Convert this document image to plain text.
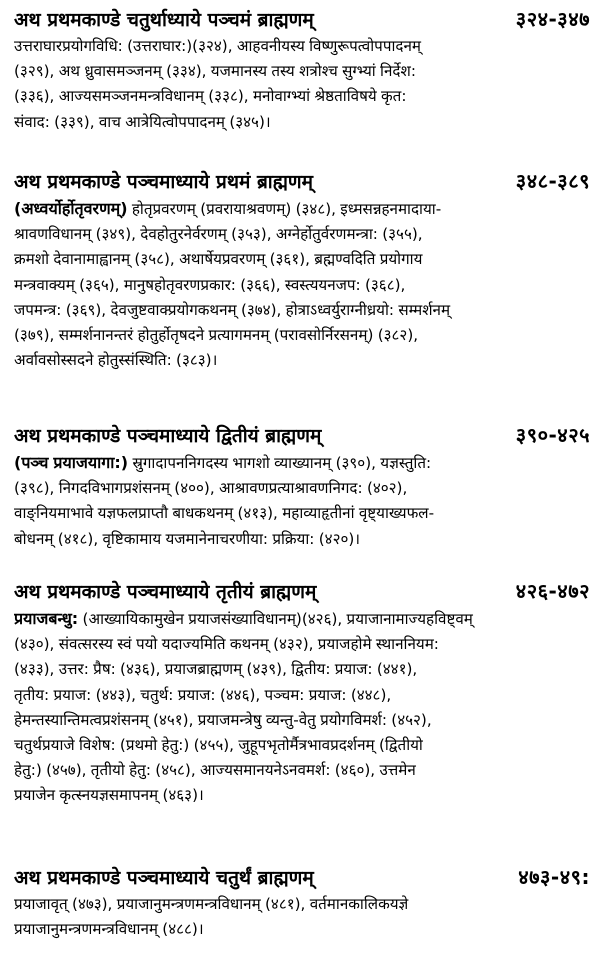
अथ प्रथमकाण्डे चतुर्थाध्याये पञ्चमं ब्राह्मणम्	३२४-३४७
उत्तराघारप्रयोगविधि: (उत्तराघार:)(३२४), आहवनीयस्य विष्णुरूपत्वोपपादनम्
(३२९), अथ ध्रुवासमञ्जनम् (३३४), यजमानस्य तस्य शत्रोश्च सुग्भ्यां निर्देश:
(३३६), आज्यसमञ्जनमन्त्रविधानम् (३३८), मनोवाग्भ्यां श्रेष्ठताविषये कृत:
संवाद: (३३९), वाच आत्रेयित्वोपपादनम् (३४५)।
अथ प्रथमकाण्डे पञ्चमाध्याये प्रथमं ब्राह्मणम्	३४८-३८९
(अध्वर्योर्होतृवरणम्) होतृप्रवरणम् (प्रवरायाश्रवणम्) (३४८), इध्मसन्नहनमादाया-
श्रावणविधानम् (३४९), देवहोतुरनेर्वरणम् (३५३), अग्नेर्होतुर्वरणमन्त्रा: (३५५),
क्रमशो देवानामाह्वानम् (३५८), अथार्षेयप्रवरणम् (३६१), ब्रह्मण्वदिति प्रयोगाय
मन्त्रवाक्यम् (३६५), मानुषहोतृवरणप्रकार: (३६६), स्वस्त्ययनजप: (३६८),
जपमन्त्र: (३६९), देवजुष्टवाक्प्रयोगकथनम् (३७४), होत्राऽध्वर्युराग्नीध्रयो: सम्मर्शनम्
(३७९), सम्मर्शनानन्तरं होतुर्होतृषदने प्रत्यागमनम् (परावसोर्निरसनम्) (३८२),
अर्वावसोस्सदने होतुस्संस्थिति: (३८३)।
अथ प्रथमकाण्डे पञ्चमाध्याये द्वितीयं ब्राह्मणम्	३९०-४२५
(पञ्च प्रयाजयागा:) स्रुगादापननिगदस्य भागशो व्याख्यानम् (३९०), यज्ञस्तुति:
(३९८), निगदविभागप्रशंसनम् (४००), आश्रावणप्रत्याश्रावणनिगद: (४०२),
वाङ्नियमाभावे यज्ञफलप्राप्तौ बाधकथनम् (४१३), महाव्याहृतीनां वृष्ट्याख्यफल-
बोधनम् (४१८), वृष्टिकामाय यजमानेनाचरणीया: प्रक्रिया: (४२०)।
अथ प्रथमकाण्डे पञ्चमाध्याये तृतीयं ब्राह्मणम्	४२६-४७२
प्रयाजबन्धु: (आख्यायिकामुखेन प्रयाजसंख्याविधानम्)(४२६), प्रयाजानामाज्यहविष्ट्वम्
(४३०), संवत्सरस्य स्वं पयो यदाज्यमिति कथनम् (४३२), प्रयाजहोमे स्थाननियम:
(४३३), उत्तर: प्रैष: (४३६), प्रयाजब्राह्मणम् (४३९), द्वितीय: प्रयाज: (४४१),
तृतीय: प्रयाज: (४४३), चतुर्थ: प्रयाज: (४४६), पञ्चम: प्रयाज: (४४८),
हेमन्तस्यान्तिमत्वप्रशंसनम् (४५१), प्रयाजमन्त्रेषु व्यन्तु-वेतु प्रयोगविमर्श: (४५२),
चतुर्थप्रयाजे विशेष: (प्रथमो हेतु:) (४५५), जुहूपभृतोर्मैत्रभावप्रदर्शनम् (द्वितीयो
हेतु:) (४५७), तृतीयो हेतु: (४५८), आज्यसमानयनेऽनवमर्श: (४६०), उत्तमेन
प्रयाजेन कृत्स्नयज्ञसमापनम् (४६३)।
अथ प्रथमकाण्डे पञ्चमाध्याये चतुर्थं ब्राह्मणम्	४७३-४९:
प्रयाजावृत् (४७३), प्रयाजानुमन्त्रणमन्त्रविधानम् (४८१), वर्तमानकालिकयज्ञे
प्रयाजानुमन्त्रणमन्त्रविधानम् (४८८)।
